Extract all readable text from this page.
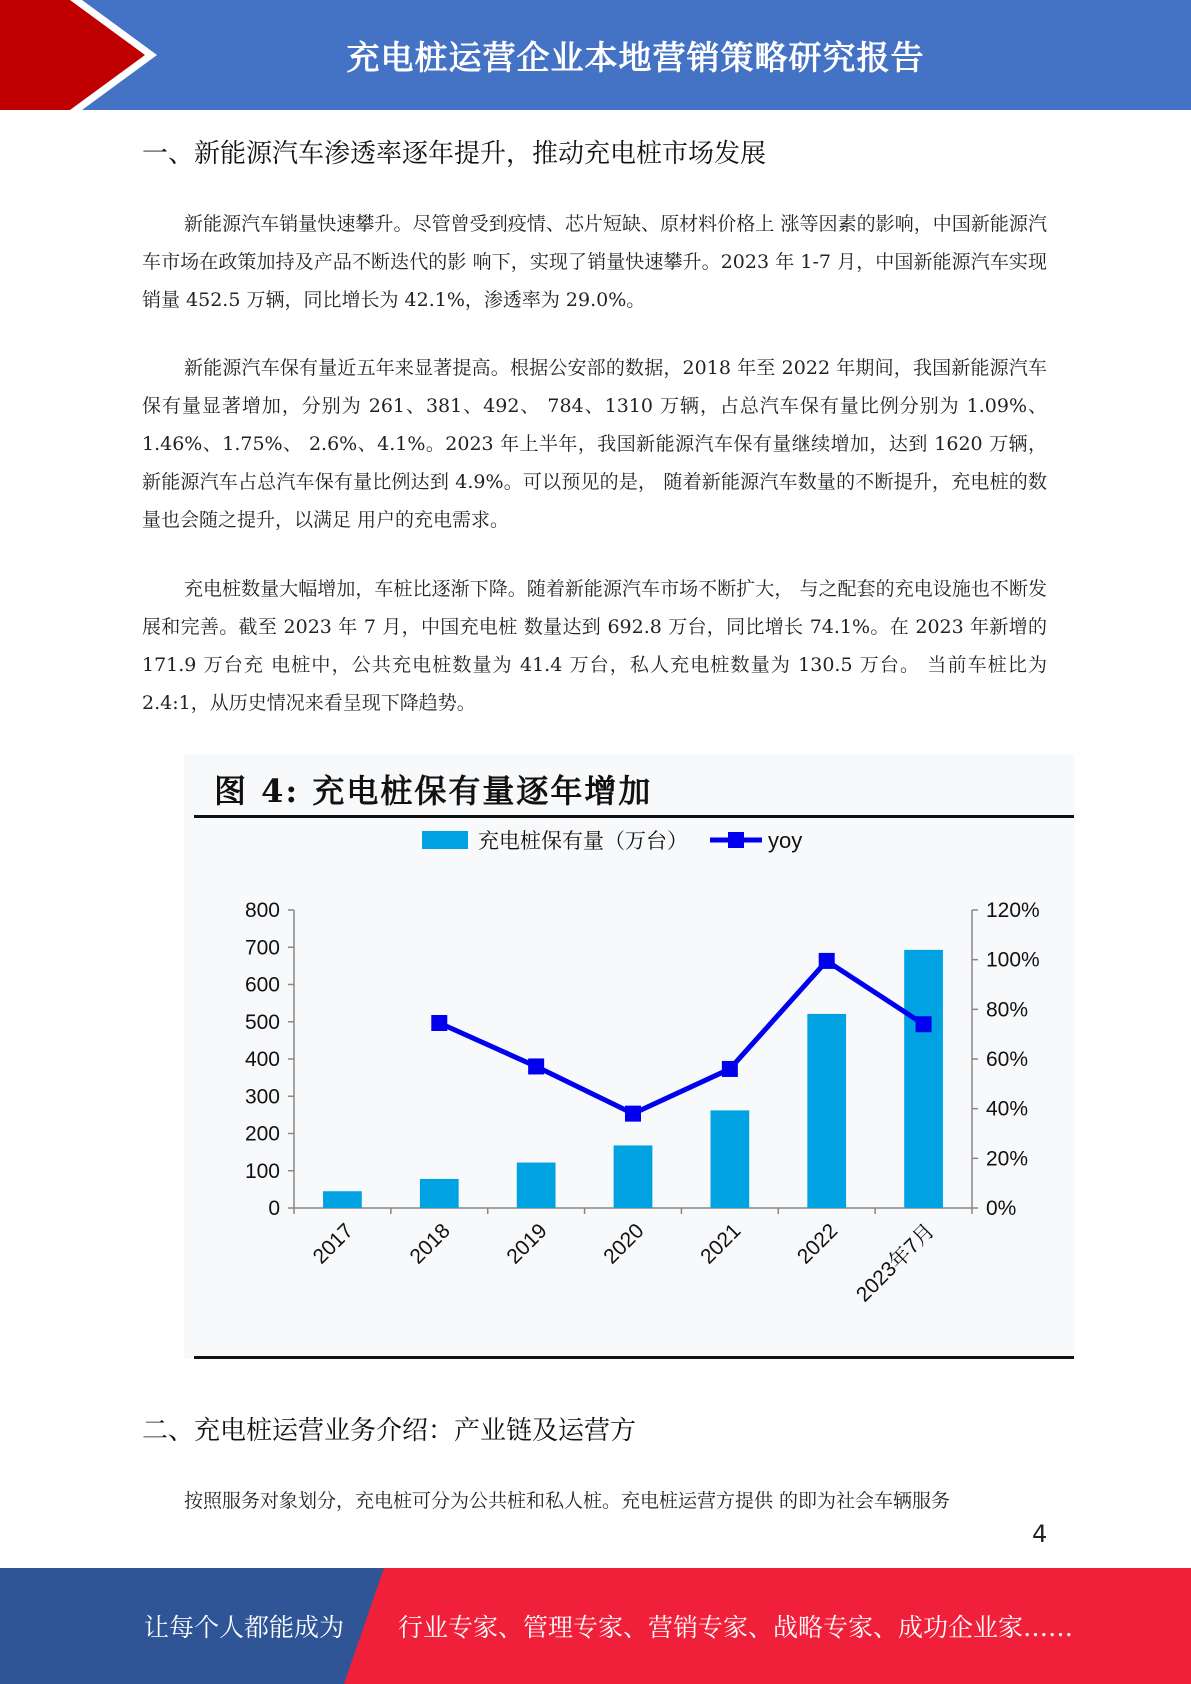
充电桩运营企业本地营销策略研究报告
一、新能源汽车渗透率逐年提升，推动充电桩市场发展
新能源汽车销量快速攀升。尽管曾受到疫情、芯片短缺、原材料价格上 涨等因素的影响，中国新能源汽车市场在政策加持及产品不断迭代的影 响下，实现了销量快速攀升。2023 年 1-7 月，中国新能源汽车实现销量 452.5 万辆，同比增长为 42.1%，渗透率为 29.0%。
新能源汽车保有量近五年来显著提高。根据公安部的数据，2018 年至 2022 年期间，我国新能源汽车保有量显著增加，分别为 261、381、492、 784、1310 万辆，占总汽车保有量比例分别为 1.09%、1.46%、1.75%、 2.6%、4.1%。2023 年上半年，我国新能源汽车保有量继续增加，达到 1620 万辆，新能源汽车占总汽车保有量比例达到 4.9%。可以预见的是， 随着新能源汽车数量的不断提升，充电桩的数量也会随之提升，以满足 用户的充电需求。
充电桩数量大幅增加，车桩比逐渐下降。随着新能源汽车市场不断扩大， 与之配套的充电设施也不断发展和完善。截至 2023 年 7 月，中国充电桩 数量达到 692.8 万台，同比增长 74.1%。在 2023 年新增的 171.9 万台充 电桩中，公共充电桩数量为 41.4 万台，私人充电桩数量为 130.5 万台。 当前车桩比为 2.4:1，从历史情况来看呈现下降趋势。
图 4: 充电桩保有量逐年增加
0
100
200
300
400
500
600
700
800
0%
20%
40%
60%
80%
100%
120%
2017 2018 2019 2020 2021 2022 2023年7月
充电桩保有量（万台）	yoy
二、充电桩运营业务介绍：产业链及运营方
按照服务对象划分，充电桩可分为公共桩和私人桩。充电桩运营方提供 的即为社会车辆服务
4
让每个人都能成为 行业专家、管理专家、营销专家、战略专家、成功企业家……
